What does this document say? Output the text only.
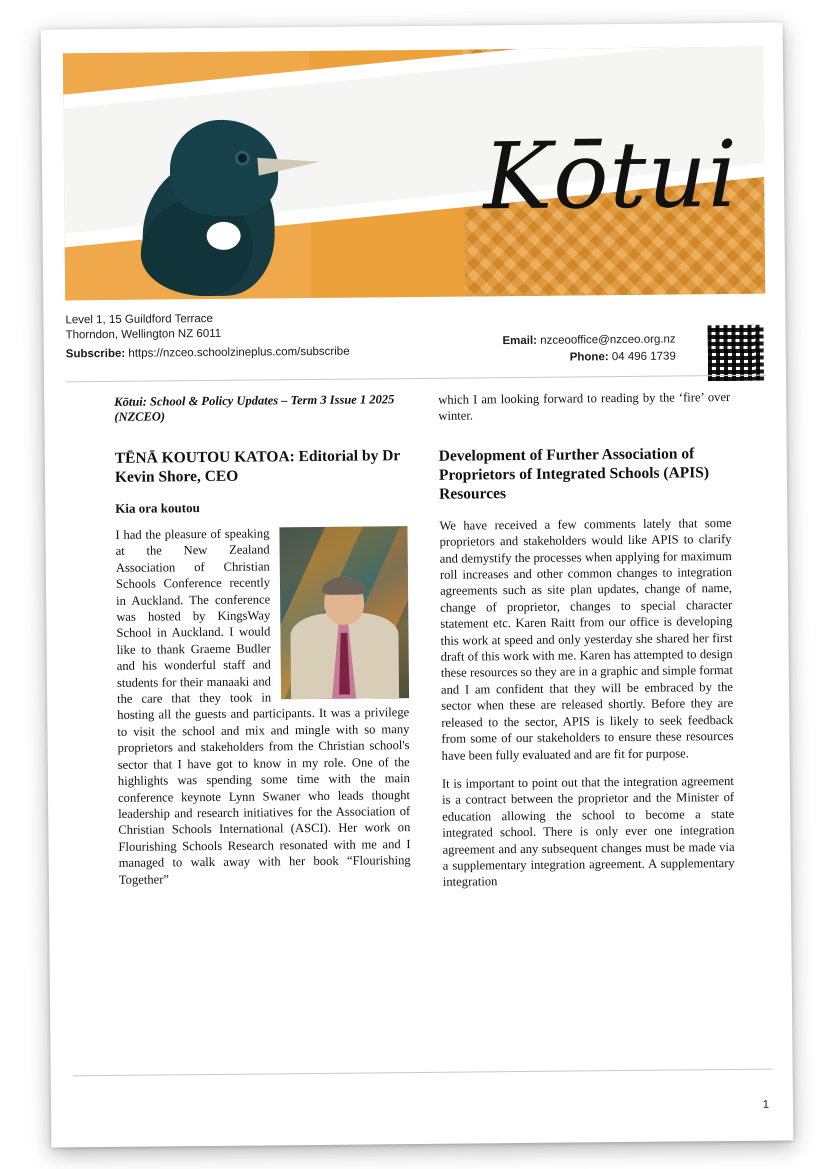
Kōtui
Level 1, 15 Guildford Terrace
Thorndon, Wellington NZ 6011
Subscribe: https://nzceo.schoolzineplus.com/subscribe
Email: nzceooffice@nzceo.org.nz
Phone: 04 496 1739
Kōtui: School & Policy Updates – Term 3 Issue 1 2025 (NZCEO)
TĒNĀ KOUTOU KATOA: Editorial by Dr Kevin Shore, CEO
Kia ora koutou

I had the pleasure of speaking at the New Zealand Association of Christian Schools Conference recently in Auckland. The conference was hosted by KingsWay School in Auckland. I would like to thank Graeme Budler and his wonderful staff and students for their manaaki and the care that they took in hosting all the guests and participants. It was a privilege to visit the school and mix and mingle with so many proprietors and stakeholders from the Christian school's sector that I have got to know in my role. One of the highlights was spending some time with the main conference keynote Lynn Swaner who leads thought leadership and research initiatives for the Association of Christian Schools International (ASCI). Her work on Flourishing Schools Research resonated with me and I managed to walk away with her book “Flourishing Together”

which I am looking forward to reading by the ‘fire’ over winter.

Development of Further Association of Proprietors of Integrated Schools (APIS) Resources

We have received a few comments lately that some proprietors and stakeholders would like APIS to clarify and demystify the processes when applying for maximum roll increases and other common changes to integration agreements such as site plan updates, change of name, change of proprietor, changes to special character statement etc. Karen Raitt from our office is developing this work at speed and only yesterday she shared her first draft of this work with me. Karen has attempted to design these resources so they are in a graphic and simple format and I am confident that they will be embraced by the sector when these are released shortly. Before they are released to the sector, APIS is likely to seek feedback from some of our stakeholders to ensure these resources have been fully evaluated and are fit for purpose.

It is important to point out that the integration agreement is a contract between the proprietor and the Minister of education allowing the school to become a state integrated school. There is only ever one integration agreement and any subsequent changes must be made via a supplementary integration agreement. A supplementary integration

1
